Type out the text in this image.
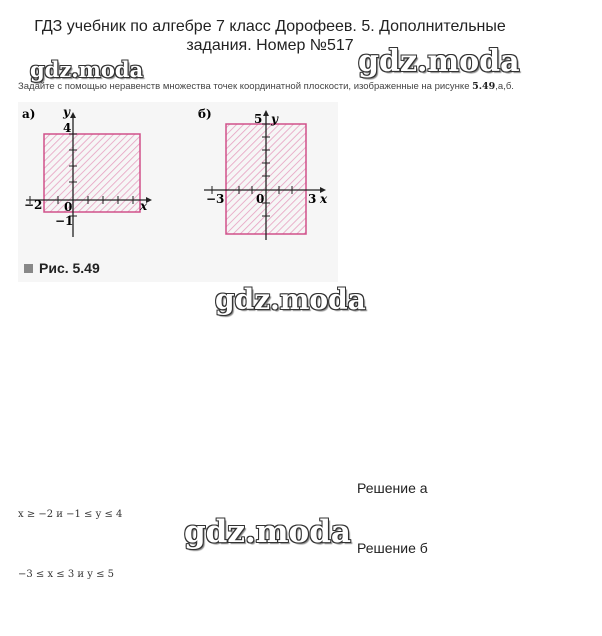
ГДЗ учебник по алгебре 7 класс Дорофеев. 5. Дополнительные
задания. Номер №517
gdz.moda	gdz.moda
Задайте с помощью неравенств множества точек координатной плоскости, изображенные на рисунке 5.49,а,б.
а) y
4
−2 0
−1
x
б)	5 y
−3	0	3 x
Рис. 5.49
gdz.moda
Решение а
x ≥ −2 и −1 ≤ y ≤ 4 gdz.moda Решение б
−3 ≤ x ≤ 3 и y ≤ 5
